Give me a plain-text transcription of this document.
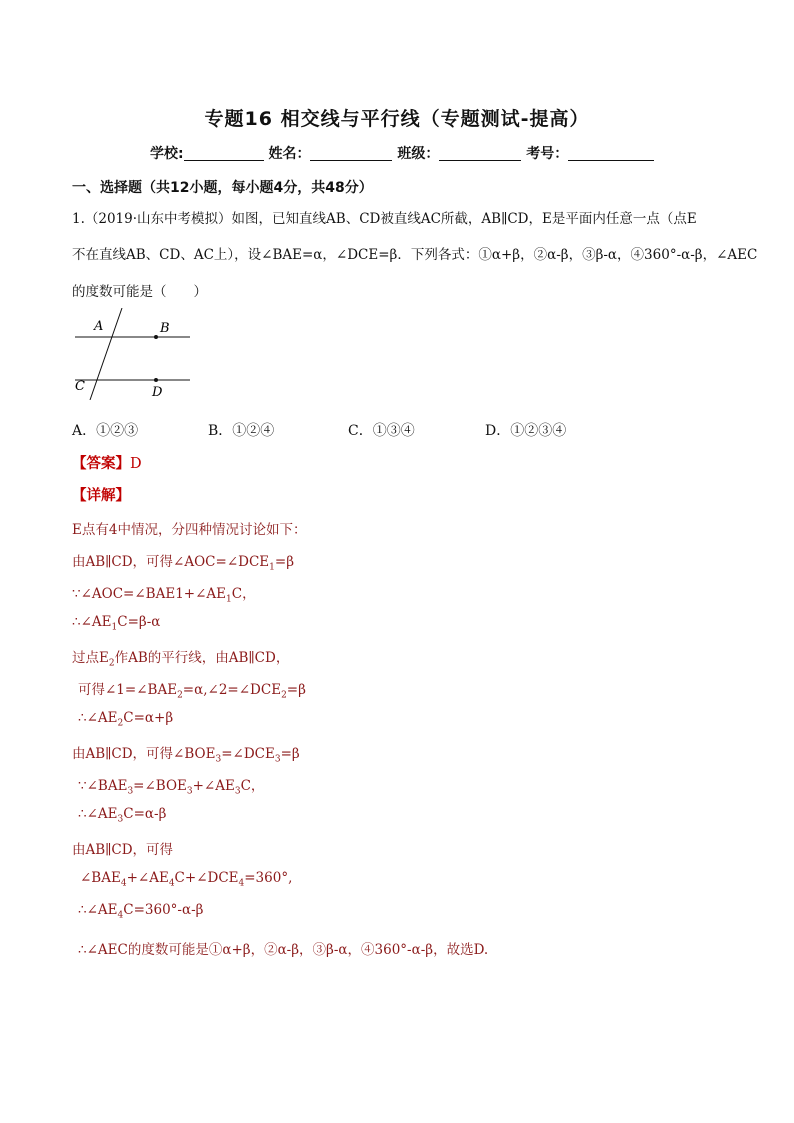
专题16 相交线与平行线（专题测试-提高）
学校:	姓名：	班级：	考号：
一、选择题（共12小题，每小题4分，共48分）
1.（2019·山东中考模拟）如图，已知直线AB、CD被直线AC所截，AB∥CD，E是平面内任意一点（点E
不在直线AB、CD、AC上），设∠BAE=α，∠DCE=β．下列各式：①α+β，②α-β，③β-α，④360°-α-β，∠AEC
的度数可能是（　　）
A	B
C	D
A．①②③	B．①②④	C．①③④	D．①②③④
【答案】D
【详解】
E点有4中情况，分四种情况讨论如下：
由AB∥CD，可得$\angle AOC=\angle DCE_1=\beta$
$\because\angle AOC=\angle BAE1+\angle AE_1C$，
$\therefore\angle AE_1C=\beta-\alpha$
过点$E_2$作AB的平行线，由AB∥CD，
可得$\angle 1=\angle BAE_2=\alpha,\angle 2=\angle DCE_2=\beta$
$\therefore\angle AE_2C=\alpha+\beta$
由AB∥CD，可得$\angle BOE_3=\angle DCE_3=\beta$
$\because\angle BAE_3=\angle BOE_3+\angle AE_3C$，
$\therefore\angle AE_3C=\alpha-\beta$
由AB∥CD，可得
$\angle BAE_4+\angle AE_4C+\angle DCE_4=360^\circ$,
$\therefore\angle AE_4C=360^\circ-\alpha-\beta$
∴∠AEC的度数可能是①α+β，②α-β，③β-α，④360°-α-β，故选D.
